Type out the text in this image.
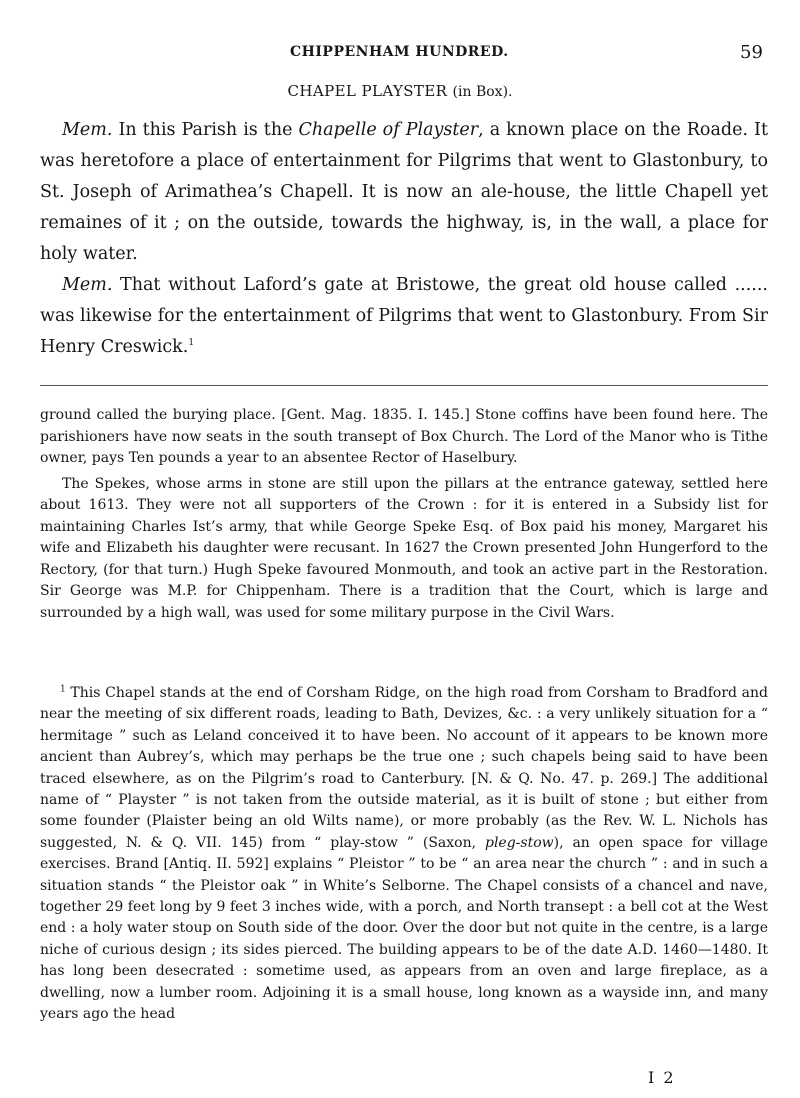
CHIPPENHAM HUNDRED.	59
CHAPEL PLAYSTER (in Box).

Mem. In this Parish is the Chapelle of Playster, a known place on the Roade. It was heretofore a place of entertainment for Pilgrims that went to Glastonbury, to St. Joseph of Arimathea’s Chapell. It is now an ale-house, the little Chapell yet remaines of it ; on the outside, towards the highway, is, in the wall, a place for holy water.

Mem. That without Laford’s gate at Bristowe, the great old house called ...... was likewise for the entertainment of Pilgrims that went to Glastonbury. From Sir Henry Creswick.$^1$

ground called the burying place. [Gent. Mag. 1835. I. 145.] Stone coffins have been found here. The parishioners have now seats in the south transept of Box Church. The Lord of the Manor who is Tithe owner, pays Ten pounds a year to an absentee Rector of Haselbury.

The Spekes, whose arms in stone are still upon the pillars at the entrance gateway, settled here about 1613. They were not all supporters of the Crown : for it is entered in a Subsidy list for maintaining Charles Ist’s army, that while George Speke Esq. of Box paid his money, Margaret his wife and Elizabeth his daughter were recusant. In 1627 the Crown presented John Hungerford to the Rectory, (for that turn.) Hugh Speke favoured Monmouth, and took an active part in the Restoration. Sir George was M.P. for Chippenham. There is a tradition that the Court, which is large and surrounded by a high wall, was used for some military purpose in the Civil Wars.

$^1$ This Chapel stands at the end of Corsham Ridge, on the high road from Corsham to Bradford and near the meeting of six different roads, leading to Bath, Devizes, &c. : a very unlikely situation for a “ hermitage ” such as Leland conceived it to have been. No account of it appears to be known more ancient than Aubrey’s, which may perhaps be the true one ; such chapels being said to have been traced elsewhere, as on the Pilgrim’s road to Canterbury. [N. & Q. No. 47. p. 269.] The additional name of “ Playster ” is not taken from the outside material, as it is built of stone ; but either from some founder (Plaister being an old Wilts name), or more probably (as the Rev. W. L. Nichols has suggested, N. & Q. VII. 145) from “ play-stow ” (Saxon, pleg-stow), an open space for village exercises. Brand [Antiq. II. 592] explains “ Pleistor ” to be “ an area near the church ” : and in such a situation stands “ the Pleistor oak ” in White’s Selborne. The Chapel consists of a chancel and nave, together 29 feet long by 9 feet 3 inches wide, with a porch, and North transept : a bell cot at the West end : a holy water stoup on South side of the door. Over the door but not quite in the centre, is a large niche of curious design ; its sides pierced. The building appears to be of the date A.D. 1460—1480. It has long been desecrated : sometime used, as appears from an oven and large fireplace, as a dwelling, now a lumber room. Adjoining it is a small house, long known as a wayside inn, and many years ago the head

I 2
